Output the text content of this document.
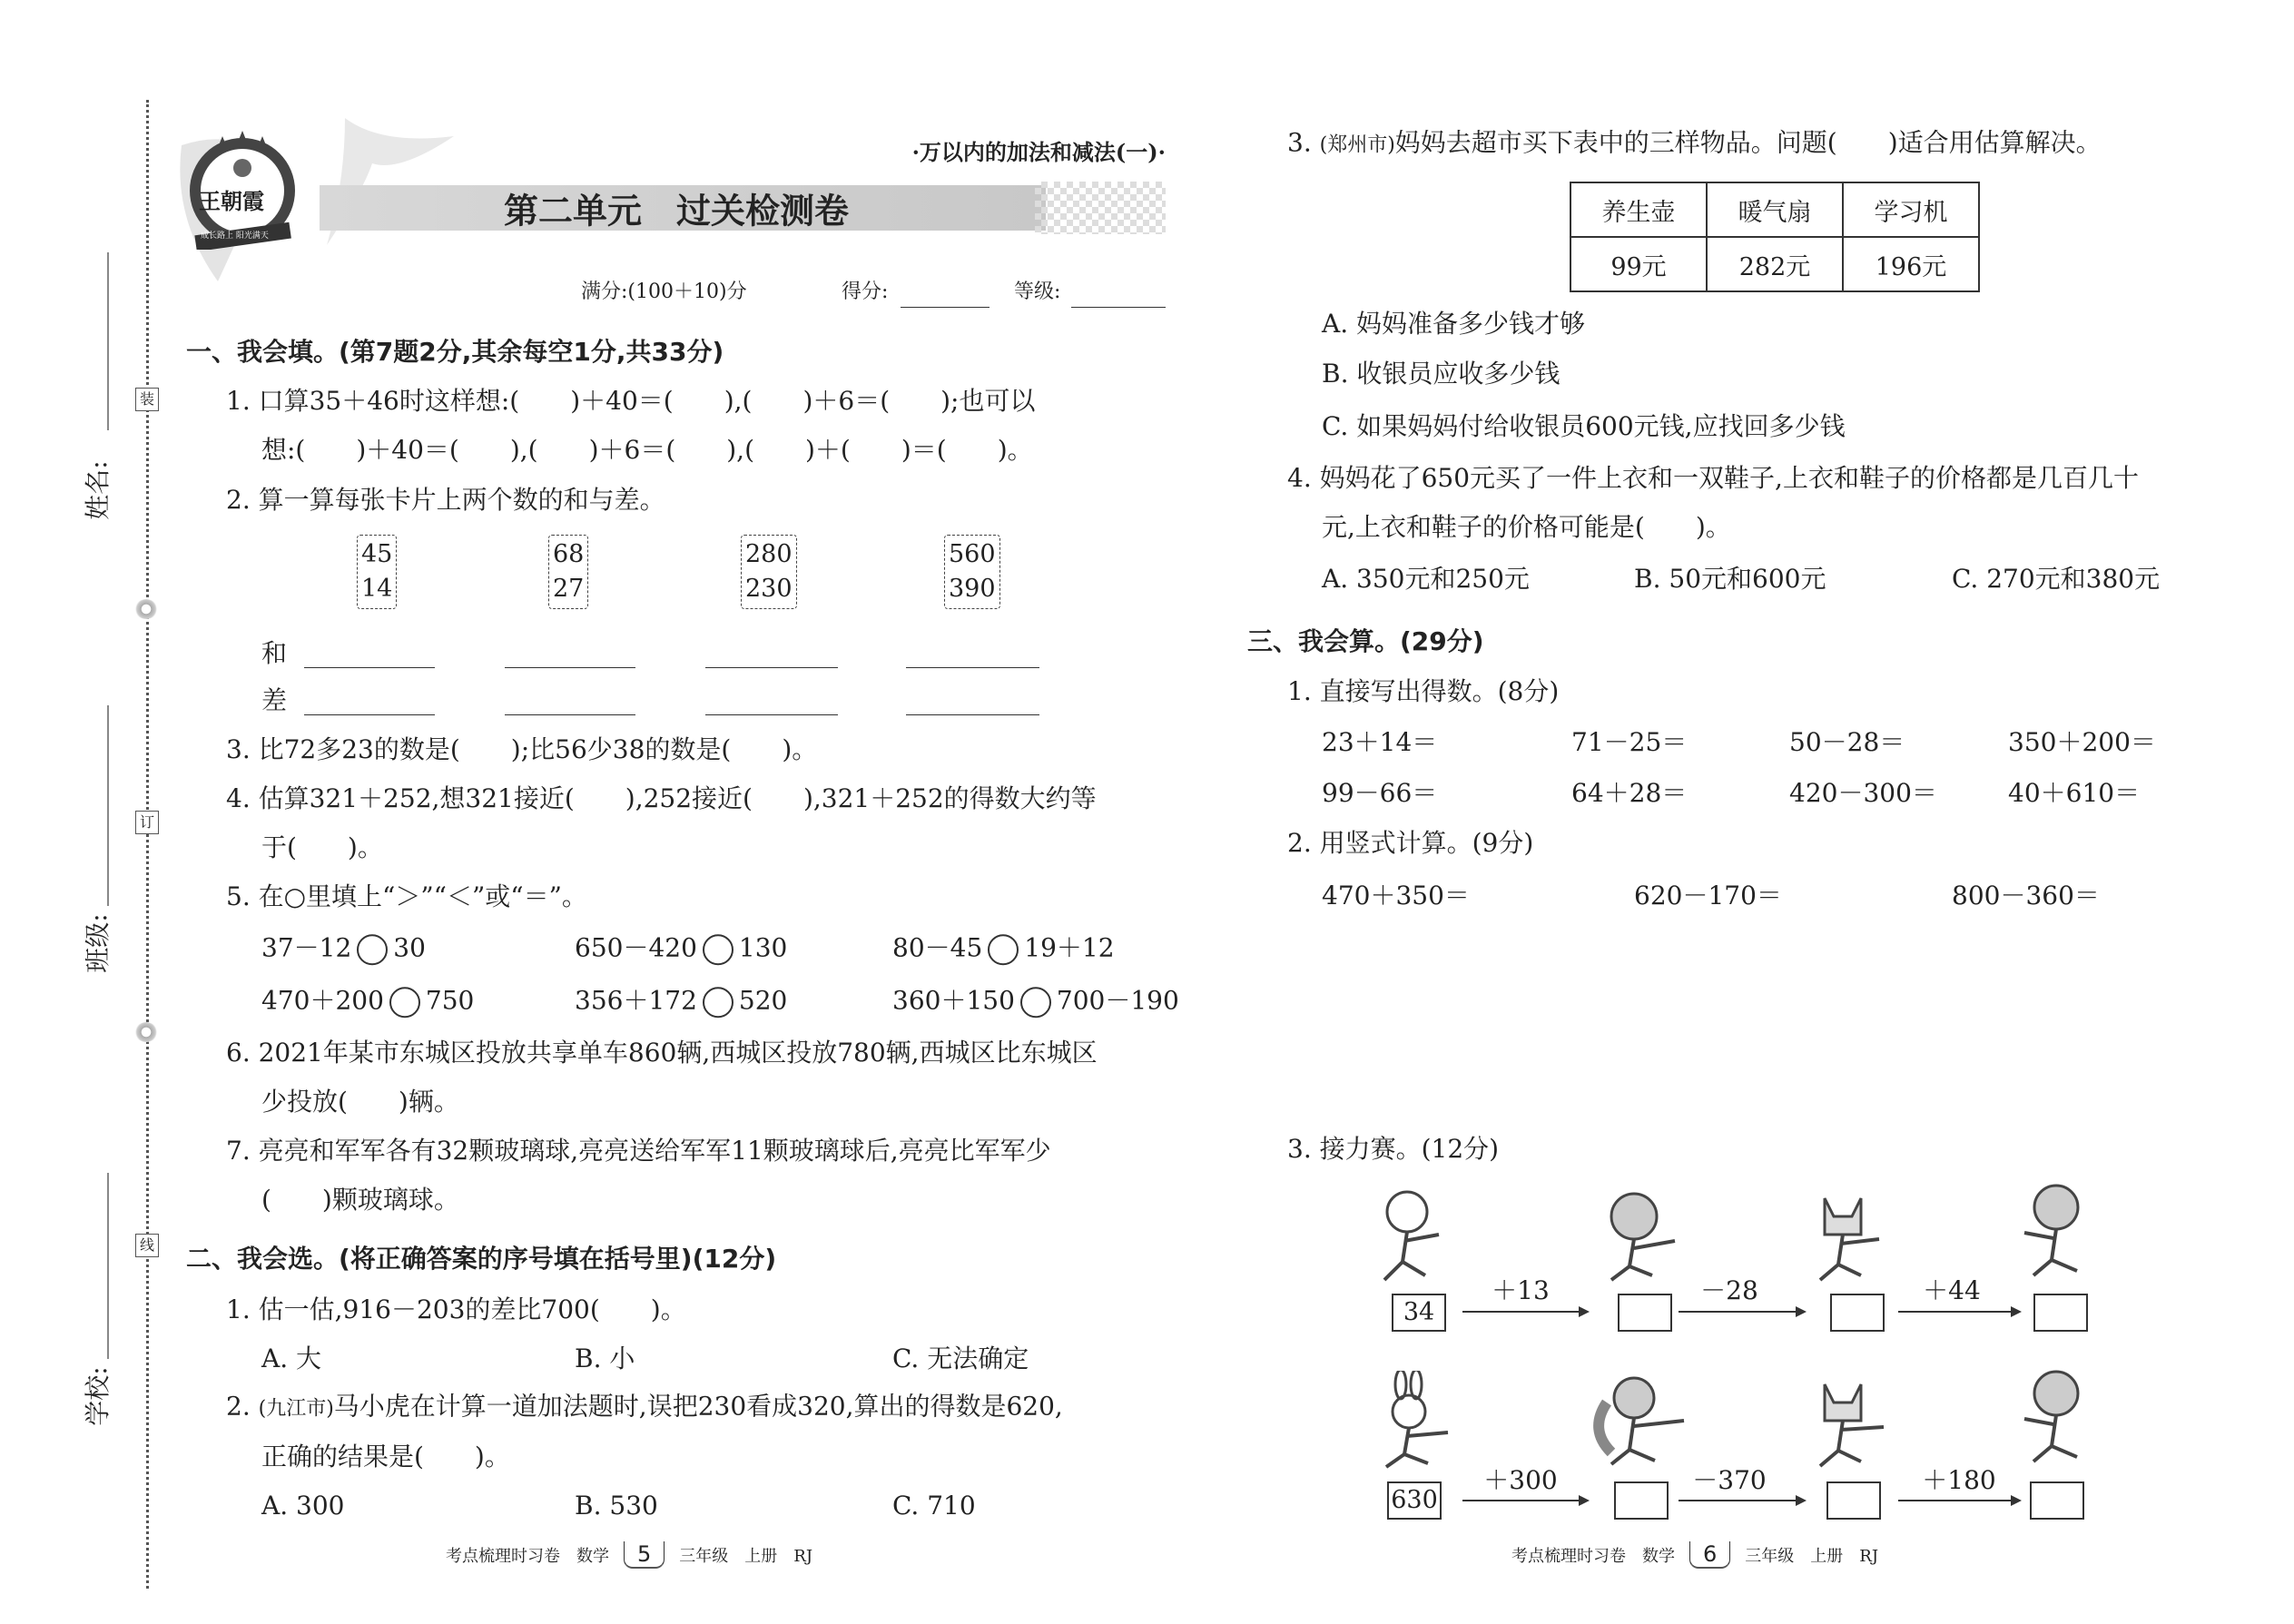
装
订
线
姓名:
班级:
学校:
王朝霞
成长路上 阳光满天
·万以内的加法和减法(一)·
第二单元　过关检测卷
满分:(100＋10)分	得分:	等级:
一、我会填。(第7题2分,其余每空1分,共33分)
1. 口算35＋46时这样想:(　　)＋40＝(　　),(　　)＋6＝(　　);也可以
想:(　　)＋40＝(　　),(　　)＋6＝(　　),(　　)＋(　　)＝(　　)。
2. 算一算每张卡片上两个数的和与差。
45
14
68
27
280
230
560
390
和
差
3. 比72多23的数是(　　);比56少38的数是(　　)。
4. 估算321＋252,想321接近(　　),252接近(　　),321＋252的得数大约等
于(　　)。
5. 在○里填上“＞”“＜”或“＝”。
37－12 30	650－420 130	80－45 19＋12
470＋200 750	356＋172 520	360＋150 700－190
6. 2021年某市东城区投放共享单车860辆,西城区投放780辆,西城区比东城区
少投放(　　)辆。
7. 亮亮和军军各有32颗玻璃球,亮亮送给军军11颗玻璃球后,亮亮比军军少
(　　)颗玻璃球。
二、我会选。(将正确答案的序号填在括号里)(12分)
1. 估一估,916－203的差比700(　　)。
A. 大	B. 小	C. 无法确定
2. (九江市)马小虎在计算一道加法题时,误把230看成320,算出的得数是620,
正确的结果是(　　)。
A. 300	B. 530	C. 710
3. (郑州市)妈妈去超市买下表中的三样物品。问题(　　)适合用估算解决。
养生壶	暖气扇	学习机
99元	282元	196元
A. 妈妈准备多少钱才够
B. 收银员应收多少钱
C. 如果妈妈付给收银员600元钱,应找回多少钱
4. 妈妈花了650元买了一件上衣和一双鞋子,上衣和鞋子的价格都是几百几十
元,上衣和鞋子的价格可能是(　　)。
A. 350元和250元	B. 50元和600元	C. 270元和380元
三、我会算。(29分)
1. 直接写出得数。(8分)
23＋14＝	71－25＝	50－28＝	350＋200＝
99－66＝	64＋28＝	420－300＝	40＋610＝
2. 用竖式计算。(9分)
470＋350＝	620－170＝	800－360＝
3. 接力赛。(12分)
34
＋13	－28	＋44
630
＋300	－370	＋180
考点梳理时习卷　数学 5 三年级　上册　RJ	考点梳理时习卷　数学 6 三年级　上册　RJ
